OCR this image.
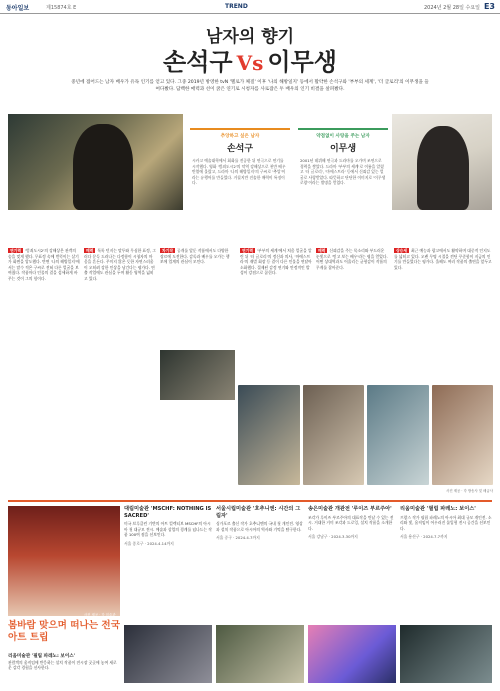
동아일보	제15874호 E	TREND	2024년 2월 28일 수요일 E3
남자의 향기
손석구 Vs 이무생
중년에 접어드는 남자 배우가 유독 인기를 얻고 있다. 그중 2019년 방영한 tvN '멜로가 체질' 이후 '나의 해방일지' 등에서 활약한 손석구와 '부부의 세계', '더 글로리'의 이무생을 들여다봤다. 담백한 매력과 선이 굵은 연기로 시청자를 사로잡은 두 배우의 인기 비결을 살펴봤다.
추앙하고 싶은 남자
손석구
시카고 예술대학에서 회화를 전공한 뒤 연극으로 연기를 시작했다. 영화 '범죄도시2'의 악역 강해상으로 천만 배우 반열에 올랐고, 드라마 '나의 해방일지'의 구씨로 '추앙'이라는 유행어를 만들었다. 거칠지만 진솔한 매력이 특징이다.
약점없이 사랑을 주는 남자
이무생
2001년 데뷔해 연극과 드라마를 오가며 조연으로 경력을 쌓았다. 드라마 '부부의 세계'로 이름을 알렸고 '더 글로리', '마에스트라' 등에서 신뢰감 있는 얼굴로 사랑받았다. 따뜻하고 단단한 이미지로 '이무생로랑'이라는 별명을 얻었다.
연기력 '범죄도시2'의 강해상은 관객의 숨을 멎게 했다. 무표정 속에 번뜩이는 살기가 화면을 압도했다. 반면 '나의 해방일지'에서는 말수 적은 구씨로 전혀 다른 얼굴을 보여줬다. 작품마다 인물의 결을 섬세하게 바꾸는 것이 그의 힘이다.
매력 툭툭 던지는 말투와 무심한 표정, 그러다 문득 드러나는 다정함이 시청자의 마음을 흔든다. 꾸미지 않은 듯한 자연스러움이 오히려 강한 인상을 남긴다는 평가다. 연출 작업에도 관심을 두며 활동 영역을 넓히고 있다.
차기작 공개를 앞둔 작품에서도 다양한 장르에 도전한다. 감독과 배우를 오가는 행보에 업계의 관심이 모인다.
연기력 '부부의 세계'에서 처음 얼굴을 알린 뒤 '더 글로리'의 정신과 의사, '마에스트라'의 재벌 회장 등 결이 다른 인물을 연달아 소화했다. 절제된 감정 연기와 안정적인 발성이 강점으로 꼽힌다.
매력 신뢰감을 주는 목소리와 부드러운 눈빛으로 '믿고 보는 배우'라는 평을 얻었다. 어떤 상대역과도 어울리는 균형감이 작품의 무게를 잡아준다.
상승세 최근 예능과 광고에서도 활약하며 대중적 인지도를 넓히고 있다. 오랜 무명 시절을 견딘 꾸준함이 지금의 인기를 만들었다는 평가다. 올해도 여러 작품의 출연을 앞두고 있다.
사진 제공 · 각 방송사 및 배급사
사진 제공 · 각 미술관
봄바람 맞으며 떠나는 전국 아트 트립
대림미술관 'MSCHF: NOTHING IS SACRED'
미국 브루클린 기반의 아트 컬렉티브 MSCHF의 아시아 첫 대규모 전시. 예술과 상업의 경계를 넘나드는 작품 100여 점을 선보인다.
서울 종로구 · 2024.4.14까지
서울시립미술관 '호추니엔: 시간의 그림자'
싱가포르 출신 작가 호추니엔의 국내 첫 개인전. 영상과 설치 작품으로 아시아의 역사와 기억을 탐구한다.
서울 중구 · 2024.4.7까지
송은미술관 개관전 '루이즈 부르주아'
조각가 루이즈 부르주아의 대표작을 만날 수 있는 전시. 거대한 거미 조각과 드로잉, 설치 작품을 소개한다.
서울 강남구 · 2024.3.30까지
리움미술관 '필립 파레노: 보이스'
프랑스 작가 필립 파레노의 아시아 최대 규모 개인전. 소리와 빛, 움직임이 어우러진 몰입형 전시 공간을 선보인다.
서울 용산구 · 2024.7.7까지
리움미술관 '필립 파레노: 보이스'
관람객의 움직임에 반응하는 설치 작품이 전시장 곳곳에 놓여 새로운 감각 경험을 선사한다.
